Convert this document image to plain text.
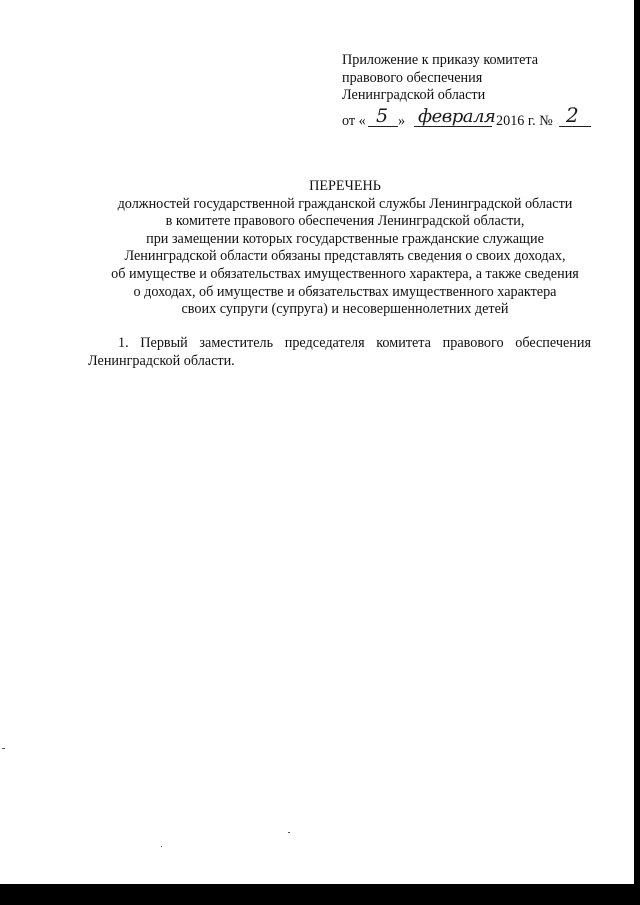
Приложение к приказу комитета
правового обеспечения
Ленинградской области
от « 5 » февраля 2016 г. № 2
ПЕРЕЧЕНЬ
должностей государственной гражданской службы Ленинградской области
в комитете правового обеспечения Ленинградской области,
при замещении которых государственные гражданские служащие
Ленинградской области обязаны представлять сведения о своих доходах,
об имуществе и обязательствах имущественного характера, а также сведения
о доходах, об имуществе и обязательствах имущественного характера
своих супруги (супруга) и несовершеннолетних детей
1. Первый заместитель председателя комитета правового обеспечения
Ленинградской области.
